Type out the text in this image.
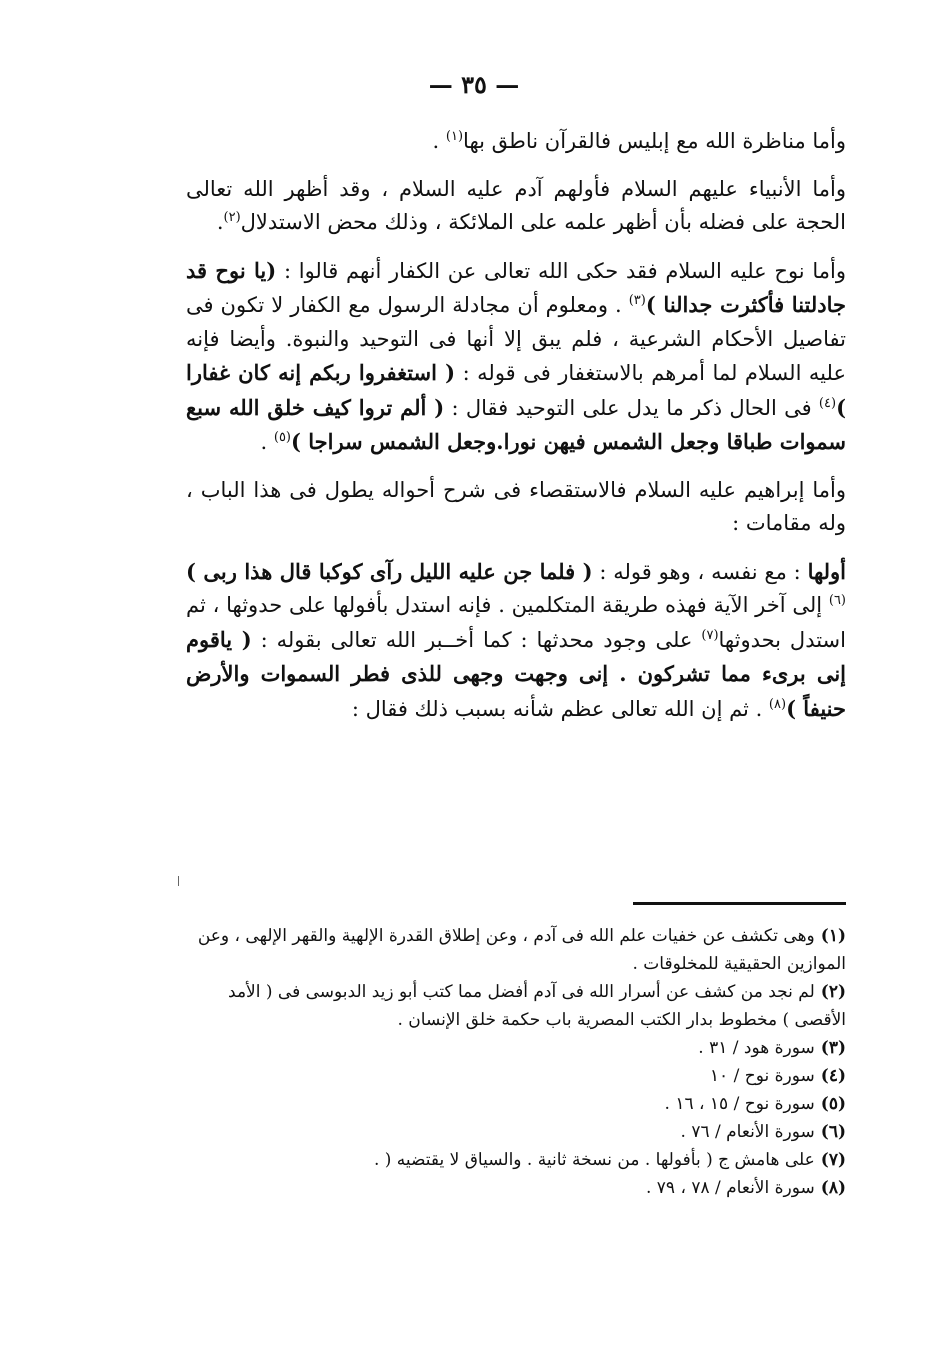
— ٣٥ —

وأما مناظرة الله مع إبليس فالقرآن ناطق بها$^{(١)}$ .

وأما الأنبياء عليهم السلام فأولهم آدم عليه السلام ، وقد أظهر الله تعالى الحجة على فضله بأن أظهر علمه على الملائكة ، وذلك محض الاستدلال$^{(٢)}$.

وأما نوح عليه السلام فقد حكى الله تعالى عن الكفار أنهم قالوا : (يا نوح قد جادلتنا فأكثرت جدالنا )$^{(٣)}$ . ومعلوم أن مجادلة الرسول مع الكفار لا تكون فى تفاصيل الأحكام الشرعية ، فلم يبق إلا أنها فى التوحيد والنبوة. وأيضا فإنه عليه السلام لما أمرهم بالاستغفار فى قوله : ( استغفروا ربكم إنه كان غفارا )$^{(٤)}$ فى الحال ذكر ما يدل على التوحيد فقال : ( ألم تروا كيف خلق الله سبع سموات طباقا وجعل الشمس فيهن نورا.وجعل الشمس سراجا )$^{(٥)}$ .

وأما إبراهيم عليه السلام فالاستقصاء فى شرح أحواله يطول فى هذا الباب ، وله مقامات :

أولها : مع نفسه ، وهو قوله : ( فلما جن عليه الليل رآى كوكبا قال هذا ربى )$^{(٦)}$ إلى آخر الآية فهذه طريقة المتكلمين . فإنه استدل بأفولها على حدوثها ، ثم استدل بحدوثها$^{(٧)}$ على وجود محدثها : كما أخــبر الله تعالى بقوله : ( ياقوم إنى برىء مما تشركون . إنى وجهت وجهى للذى فطر السموات والأرض حنيفاً )$^{(٨)}$ . ثم إن الله تعالى عظم شأنه بسبب ذلك فقال :

(١)وهى تكشف عن خفيات علم الله فى آدم ، وعن إطلاق القدرة الإلهية والقهر الإلهى ، وعن الموازين الحقيقية للمخلوقات .

(٢)لم نجد من كشف عن أسرار الله فى آدم أفضل مما كتب أبو زيد الدبوسى فى ( الأمد الأقصى ) مخطوط بدار الكتب المصرية باب حكمة خلق الإنسان .

(٣)سورة هود / ٣١ .

(٤)سورة نوح / ١٠

(٥)سورة نوح / ١٥ ، ١٦ .

(٦)سورة الأنعام / ٧٦ .

(٧)على هامش ج ( بأفولها . من نسخة ثانية . والسياق لا يقتضيه ( .

(٨)سورة الأنعام / ٧٨ ، ٧٩ .
